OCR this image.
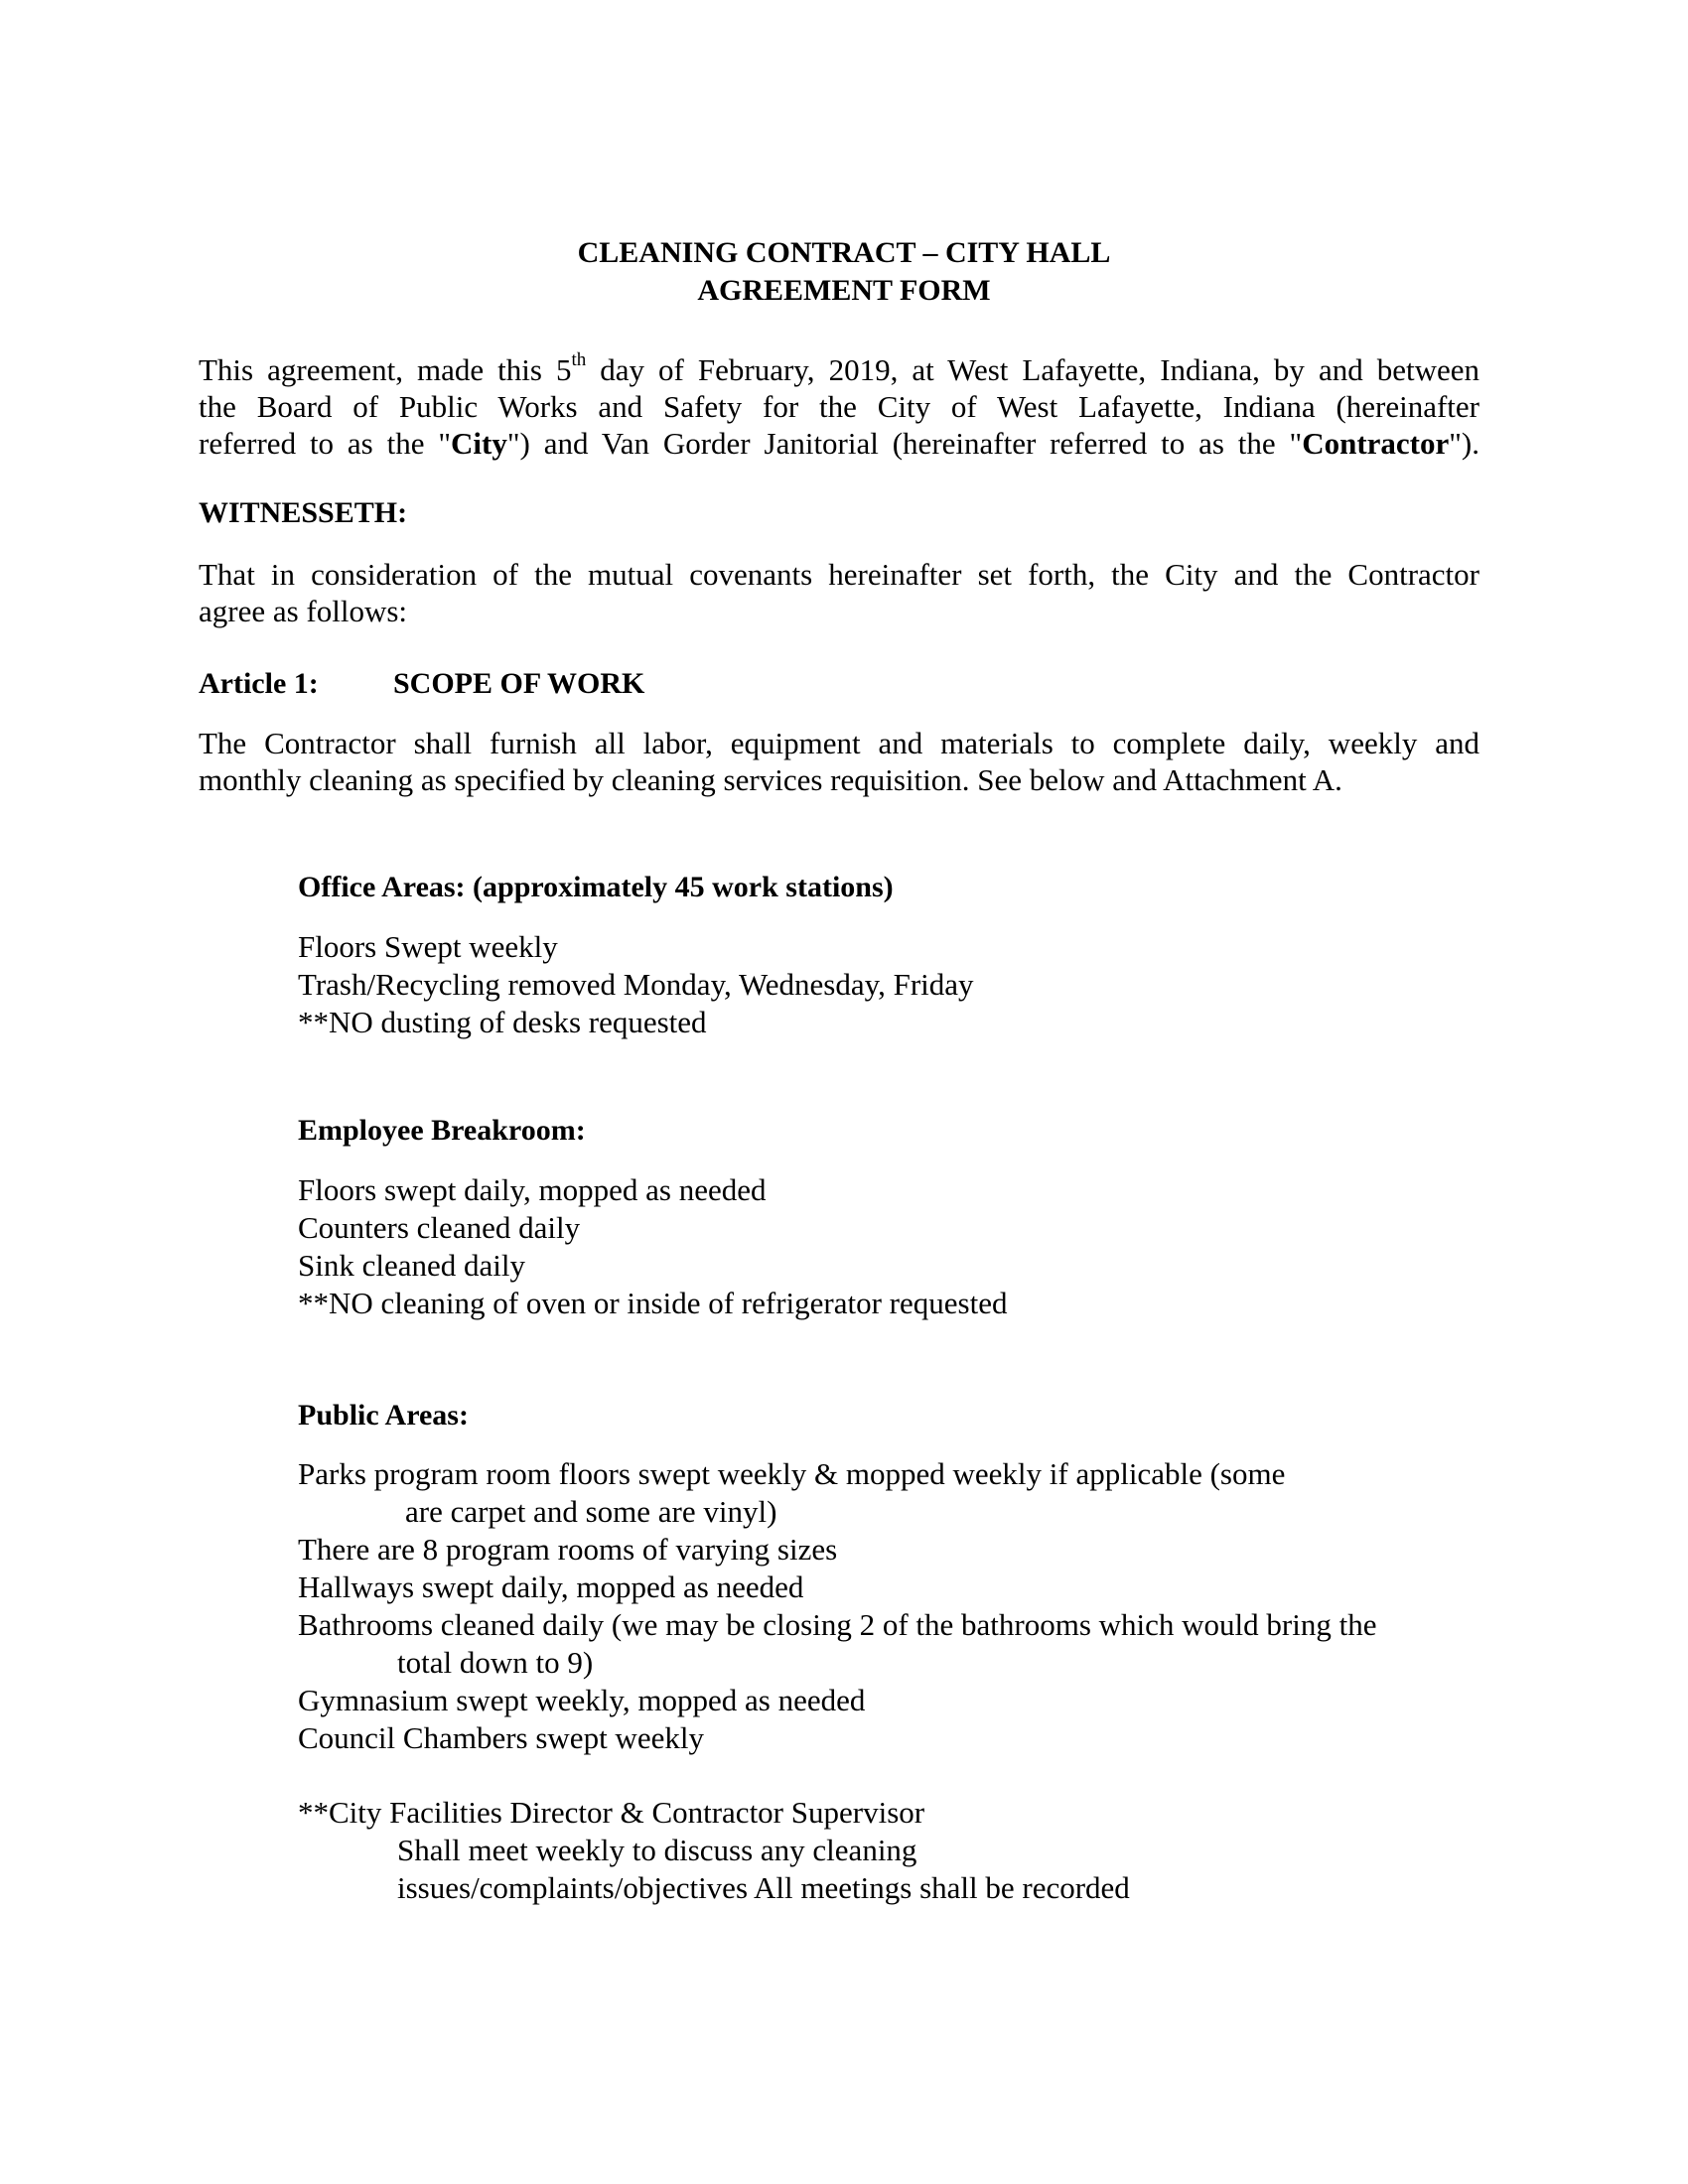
CLEANING CONTRACT – CITY HALL
AGREEMENT FORM
This agreement, made this 5th day of February, 2019, at West Lafayette, Indiana, by and between
the Board of Public Works and Safety for the City of West Lafayette, Indiana (hereinafter
referred to as the "City") and Van Gorder Janitorial (hereinafter referred to as the "Contractor").
WITNESSETH:
That in consideration of the mutual covenants hereinafter set forth, the City and the Contractor
agree as follows:
Article 1:	SCOPE OF WORK
The Contractor shall furnish all labor, equipment and materials to complete daily, weekly and
monthly cleaning as specified by cleaning services requisition. See below and Attachment A.
Office Areas: (approximately 45 work stations)
Floors Swept weekly
Trash/Recycling removed Monday, Wednesday, Friday
**NO dusting of desks requested
Employee Breakroom:
Floors swept daily, mopped as needed
Counters cleaned daily
Sink cleaned daily
**NO cleaning of oven or inside of refrigerator requested
Public Areas:
Parks program room floors swept weekly & mopped weekly if applicable (some
are carpet and some are vinyl)
There are 8 program rooms of varying sizes
Hallways swept daily, mopped as needed
Bathrooms cleaned daily (we may be closing 2 of the bathrooms which would bring the
total down to 9)
Gymnasium swept weekly, mopped as needed
Council Chambers swept weekly
**City Facilities Director & Contractor Supervisor
Shall meet weekly to discuss any cleaning
issues/complaints/objectives All meetings shall be recorded
